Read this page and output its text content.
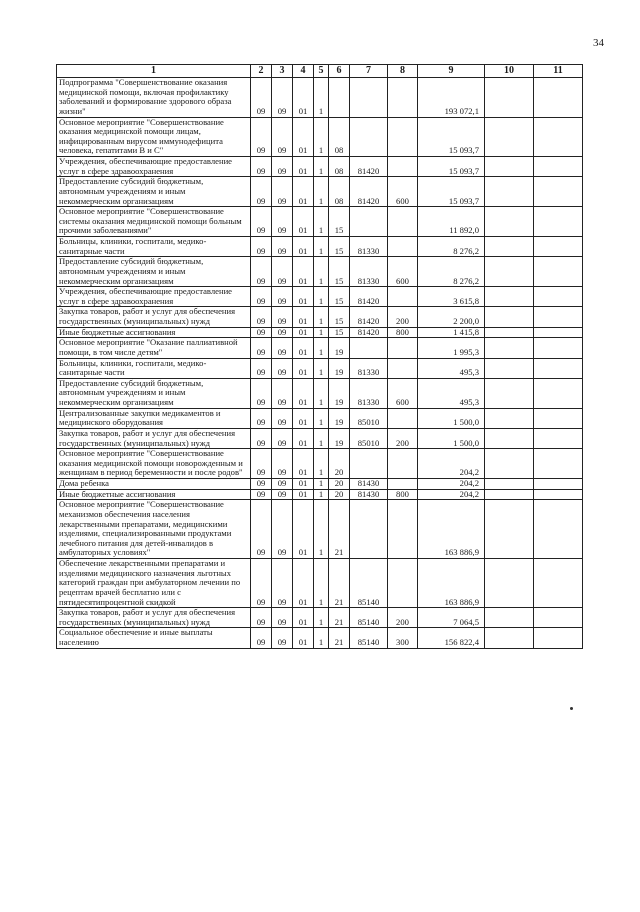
34
1	2	3	4	5	6	7	8	9	10	11
Подпрограмма "Совершенствование оказания медицинской помощи, включая профилактику заболеваний и формирование здорового образа жизни"	09	09	01	1				193 072,1		
Основное мероприятие "Совершенствование оказания медицинской помощи лицам, инфицированным вирусом иммунодефицита человека, гепатитами В и С"	09	09	01	1	08			15 093,7		
Учреждения, обеспечивающие предоставление услуг в сфере здравоохранения	09	09	01	1	08	81420		15 093,7		
Предоставление субсидий бюджетным, автономным учреждениям и иным некоммерческим организациям	09	09	01	1	08	81420	600	15 093,7		
Основное мероприятие "Совершенствование системы оказания медицинской помощи больным прочими заболеваниями"	09	09	01	1	15			11 892,0		
Больницы, клиники, госпитали, медико-санитарные части	09	09	01	1	15	81330		8 276,2		
Предоставление субсидий бюджетным, автономным учреждениям и иным некоммерческим организациям	09	09	01	1	15	81330	600	8 276,2		
Учреждения, обеспечивающие предоставление услуг в сфере здравоохранения	09	09	01	1	15	81420		3 615,8		
Закупка товаров, работ и услуг для обеспечения государственных (муниципальных) нужд	09	09	01	1	15	81420	200	2 200,0		
Иные бюджетные ассигнования	09	09	01	1	15	81420	800	1 415,8		
Основное мероприятие "Оказание паллиативной помощи, в том числе детям"	09	09	01	1	19			1 995,3		
Больницы, клиники, госпитали, медико-санитарные части	09	09	01	1	19	81330		495,3		
Предоставление субсидий бюджетным, автономным учреждениям и иным некоммерческим организациям	09	09	01	1	19	81330	600	495,3		
Централизованные закупки медикаментов и медицинского оборудования	09	09	01	1	19	85010		1 500,0		
Закупка товаров, работ и услуг для обеспечения государственных (муниципальных) нужд	09	09	01	1	19	85010	200	1 500,0		
Основное мероприятие "Совершенствование оказания медицинской помощи новорожденным и женщинам в период беременности и после родов"	09	09	01	1	20			204,2		
Дома ребенка	09	09	01	1	20	81430		204,2		
Иные бюджетные ассигнования	09	09	01	1	20	81430	800	204,2		
Основное мероприятие "Совершенствование механизмов обеспечения населения лекарственными препаратами, медицинскими изделиями, специализированными продуктами лечебного питания для детей-инвалидов в амбулаторных условиях"	09	09	01	1	21			163 886,9		
Обеспечение лекарственными препаратами и изделиями медицинского назначения льготных категорий граждан при амбулаторном лечении по рецептам врачей бесплатно или с пятидесятипроцентной скидкой	09	09	01	1	21	85140		163 886,9		
Закупка товаров, работ и услуг для обеспечения государственных (муниципальных) нужд	09	09	01	1	21	85140	200	7 064,5		
Социальное обеспечение и иные выплаты населению	09	09	01	1	21	85140	300	156 822,4		
